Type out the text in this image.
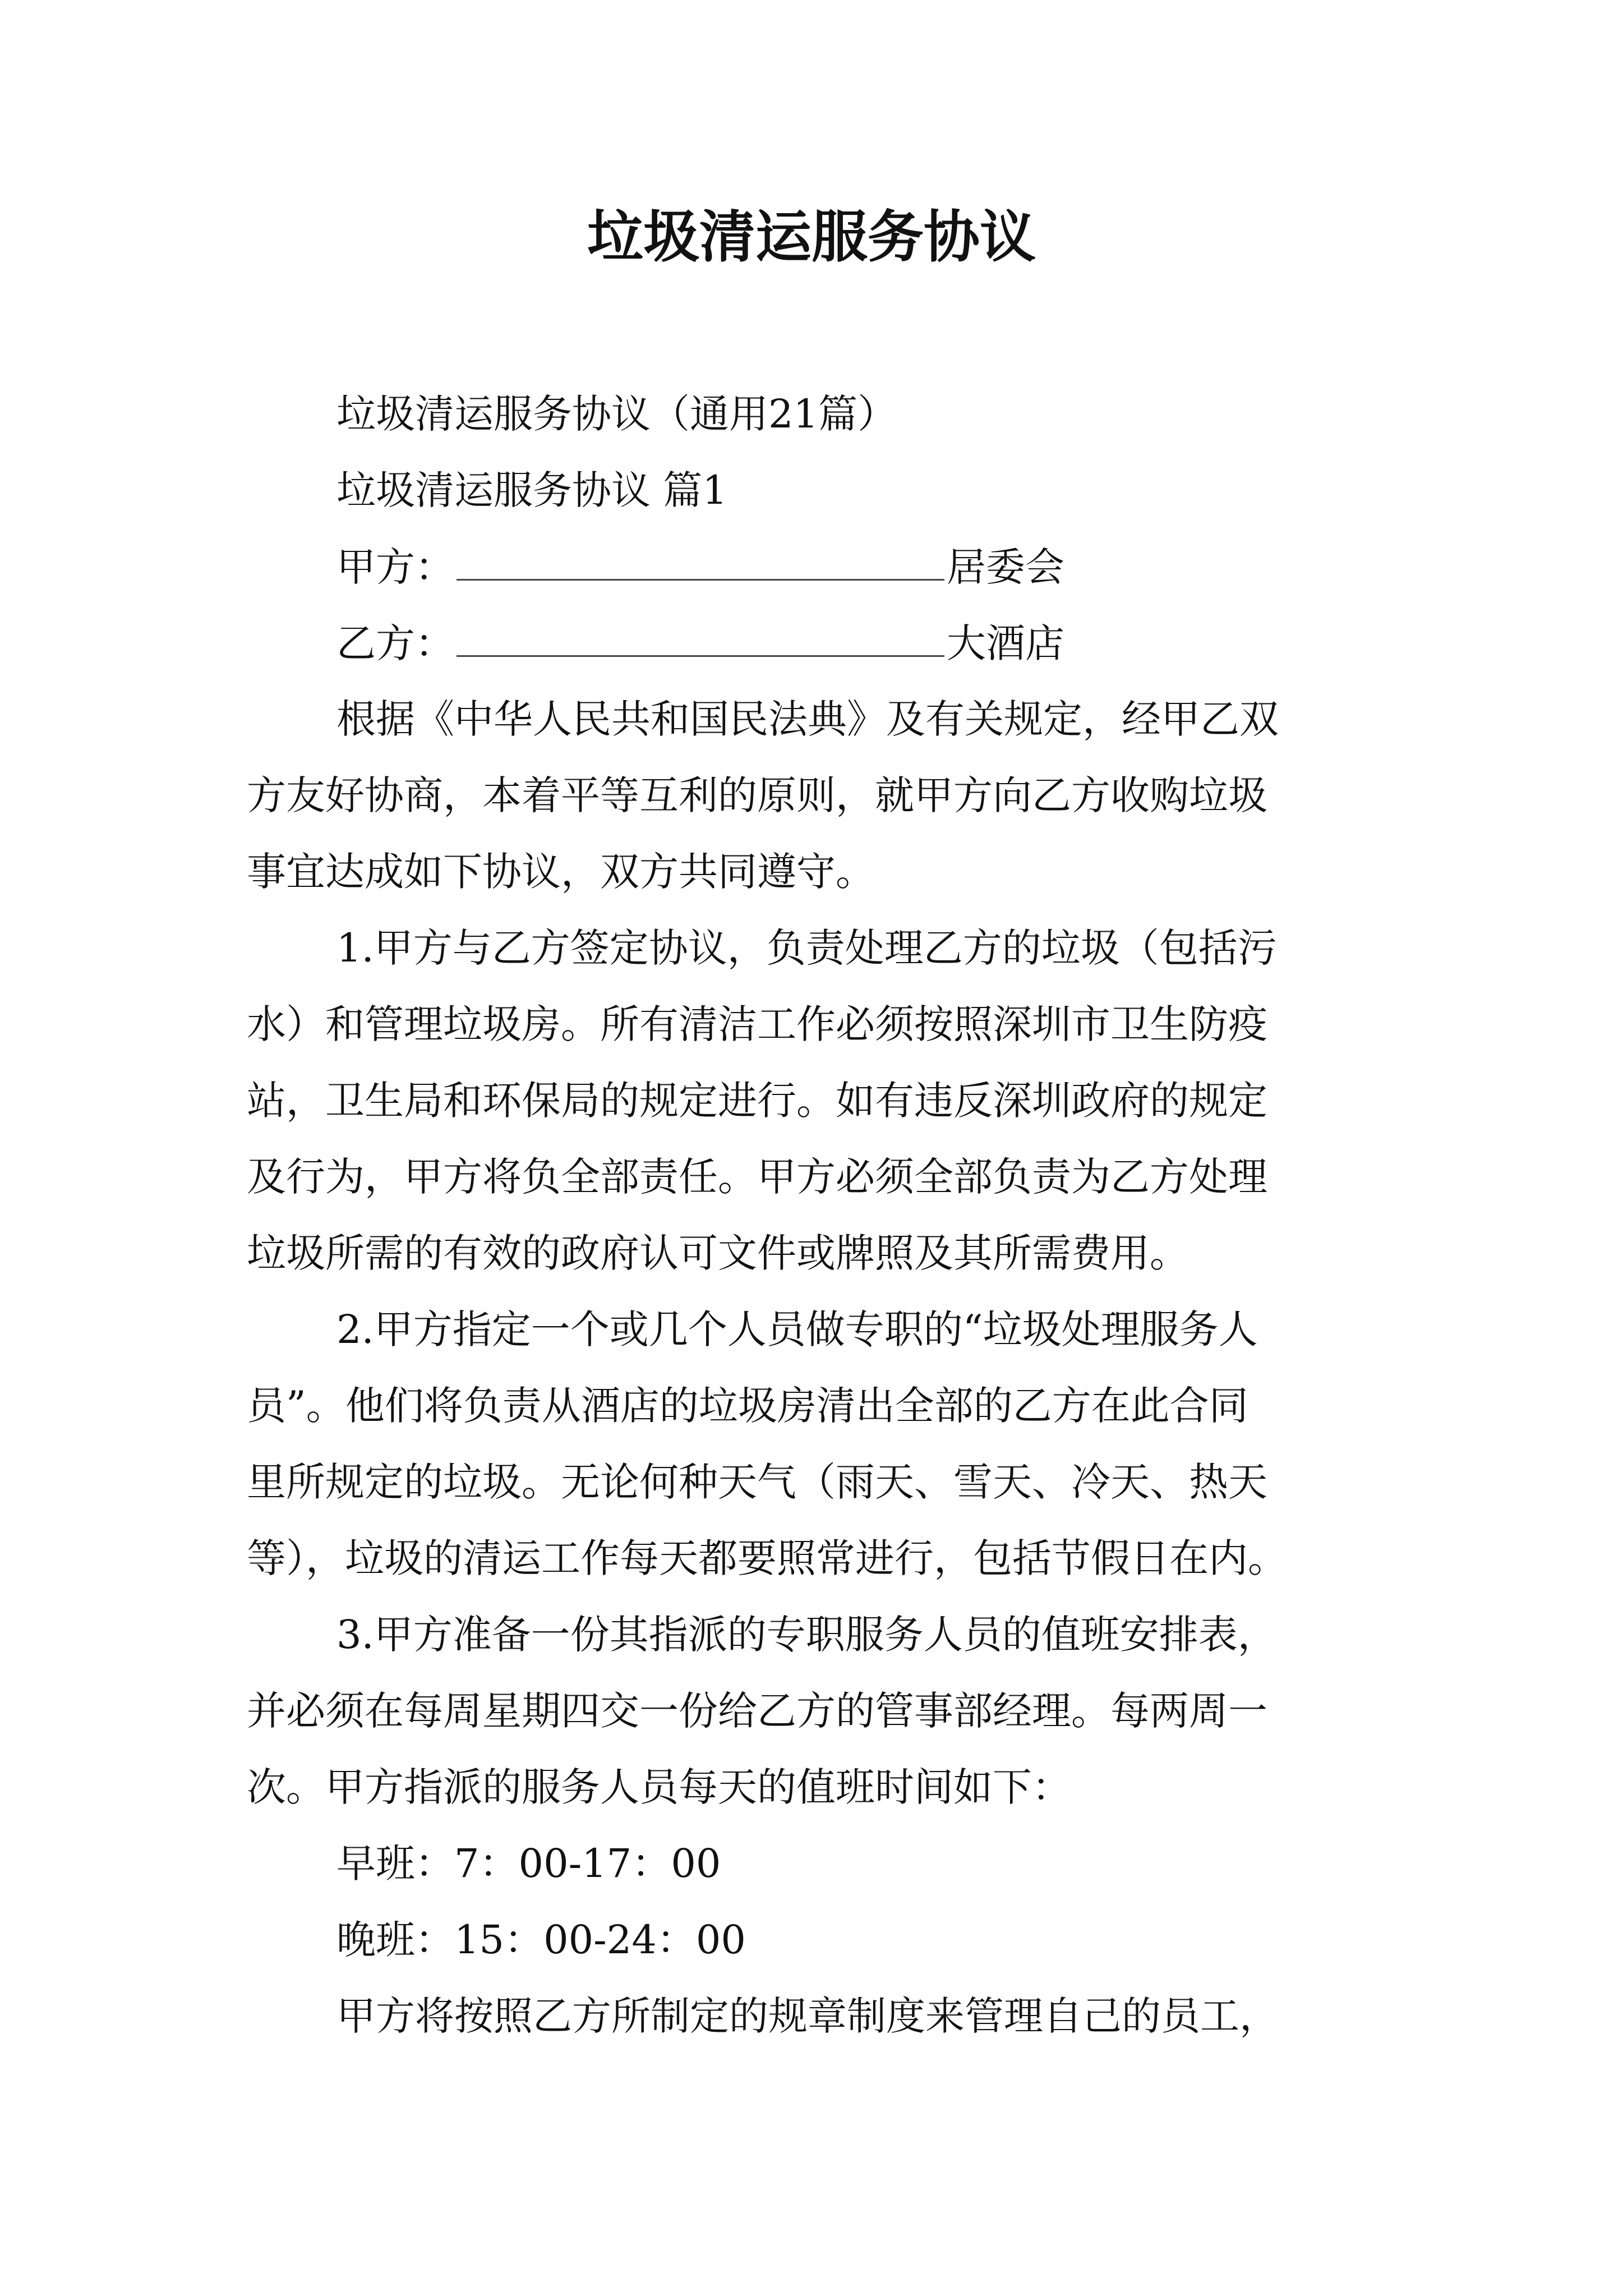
垃圾清运服务协议
垃圾清运服务协议（通用21篇）
垃圾清运服务协议 篇1
甲方：	居委会
乙方：	大酒店
根据《中华人民共和国民法典》及有关规定，经甲乙双
方友好协商，本着平等互利的原则，就甲方向乙方收购垃圾
事宜达成如下协议，双方共同遵守。
1.甲方与乙方签定协议，负责处理乙方的垃圾（包括污
水）和管理垃圾房。所有清洁工作必须按照深圳市卫生防疫
站，卫生局和环保局的规定进行。如有违反深圳政府的规定
及行为，甲方将负全部责任。甲方必须全部负责为乙方处理
垃圾所需的有效的政府认可文件或牌照及其所需费用。
2.甲方指定一个或几个人员做专职的“垃圾处理服务人
员”。他们将负责从酒店的垃圾房清出全部的乙方在此合同
里所规定的垃圾。无论何种天气（雨天、雪天、冷天、热天
等），垃圾的清运工作每天都要照常进行，包括节假日在内。
3.甲方准备一份其指派的专职服务人员的值班安排表，
并必须在每周星期四交一份给乙方的管事部经理。每两周一
次。甲方指派的服务人员每天的值班时间如下：
早班：7：00-17：00
晚班：15：00-24：00
甲方将按照乙方所制定的规章制度来管理自己的员工，
